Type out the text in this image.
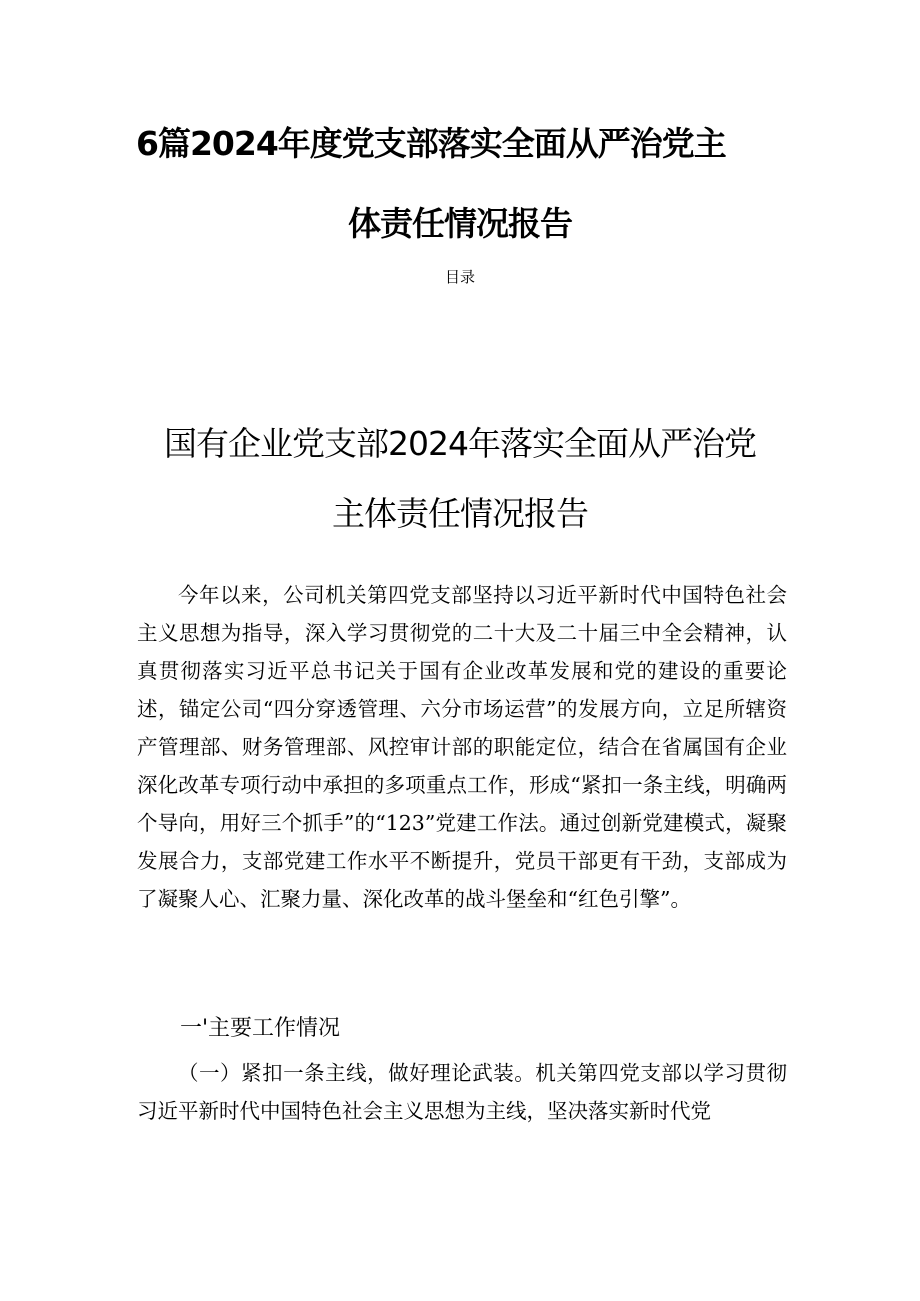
6篇2024年度党支部落实全面从严治党主
体责任情况报告
目录
国有企业党支部2024年落实全面从严治党
主体责任情况报告

今年以来，公司机关第四党支部坚持以习近平新时代中国特色社会主义思想为指导，深入学习贯彻党的二十大及二十届三中全会精神，认真贯彻落实习近平总书记关于国有企业改革发展和党的建设的重要论述，锚定公司“四分穿透管理、六分市场运营”的发展方向，立足所辖资产管理部、财务管理部、风控审计部的职能定位，结合在省属国有企业深化改革专项行动中承担的多项重点工作，形成“紧扣一条主线，明确两个导向，用好三个抓手”的“123”党建工作法。通过创新党建模式，凝聚发展合力，支部党建工作水平不断提升，党员干部更有干劲，支部成为了凝聚人心、汇聚力量、深化改革的战斗堡垒和“红色引擎”。

一'主要工作情况

（一）紧扣一条主线，做好理论武装。机关第四党支部以学习贯彻习近平新时代中国特色社会主义思想为主线，坚决落实新时代党
